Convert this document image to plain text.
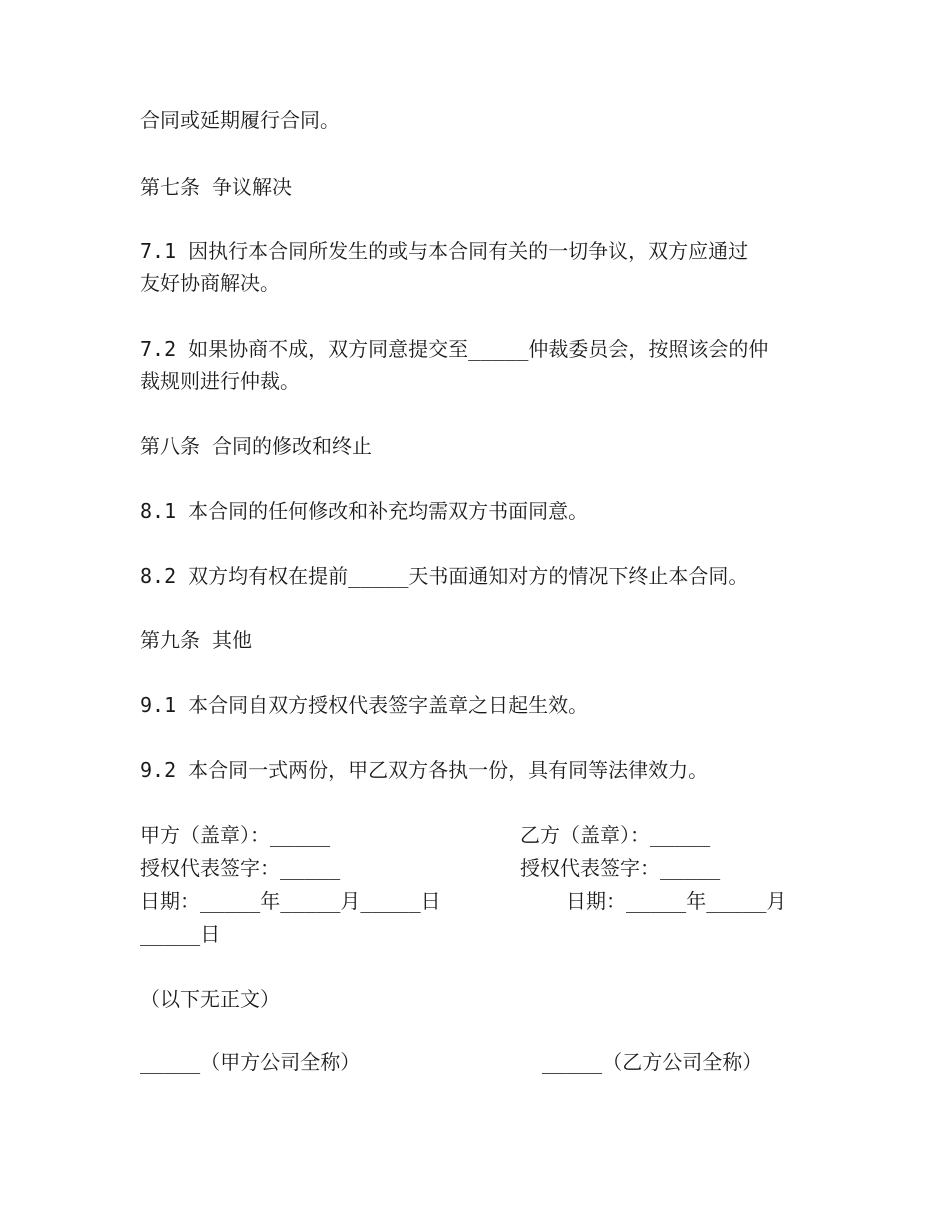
合同或延期履行合同。

第七条 争议解决

7.1 因执行本合同所发生的或与本合同有关的一切争议，双方应通过

友好协商解决。

7.2 如果协商不成，双方同意提交至_____仲裁委员会，按照该会的仲

裁规则进行仲裁。

第八条 合同的修改和终止

8.1 本合同的任何修改和补充均需双方书面同意。

8.2 双方均有权在提前_____天书面通知对方的情况下终止本合同。

第九条 其他

9.1 本合同自双方授权代表签字盖章之日起生效。

9.2 本合同一式两份，甲乙双方各执一份，具有同等法律效力。

甲方（盖章）：_____	乙方（盖章）：_____

授权代表签字：_____	授权代表签字：_____

日期：_____年_____月_____日	日期：_____年_____月

_____日

（以下无正文）

_____（甲方公司全称）	_____（乙方公司全称）
